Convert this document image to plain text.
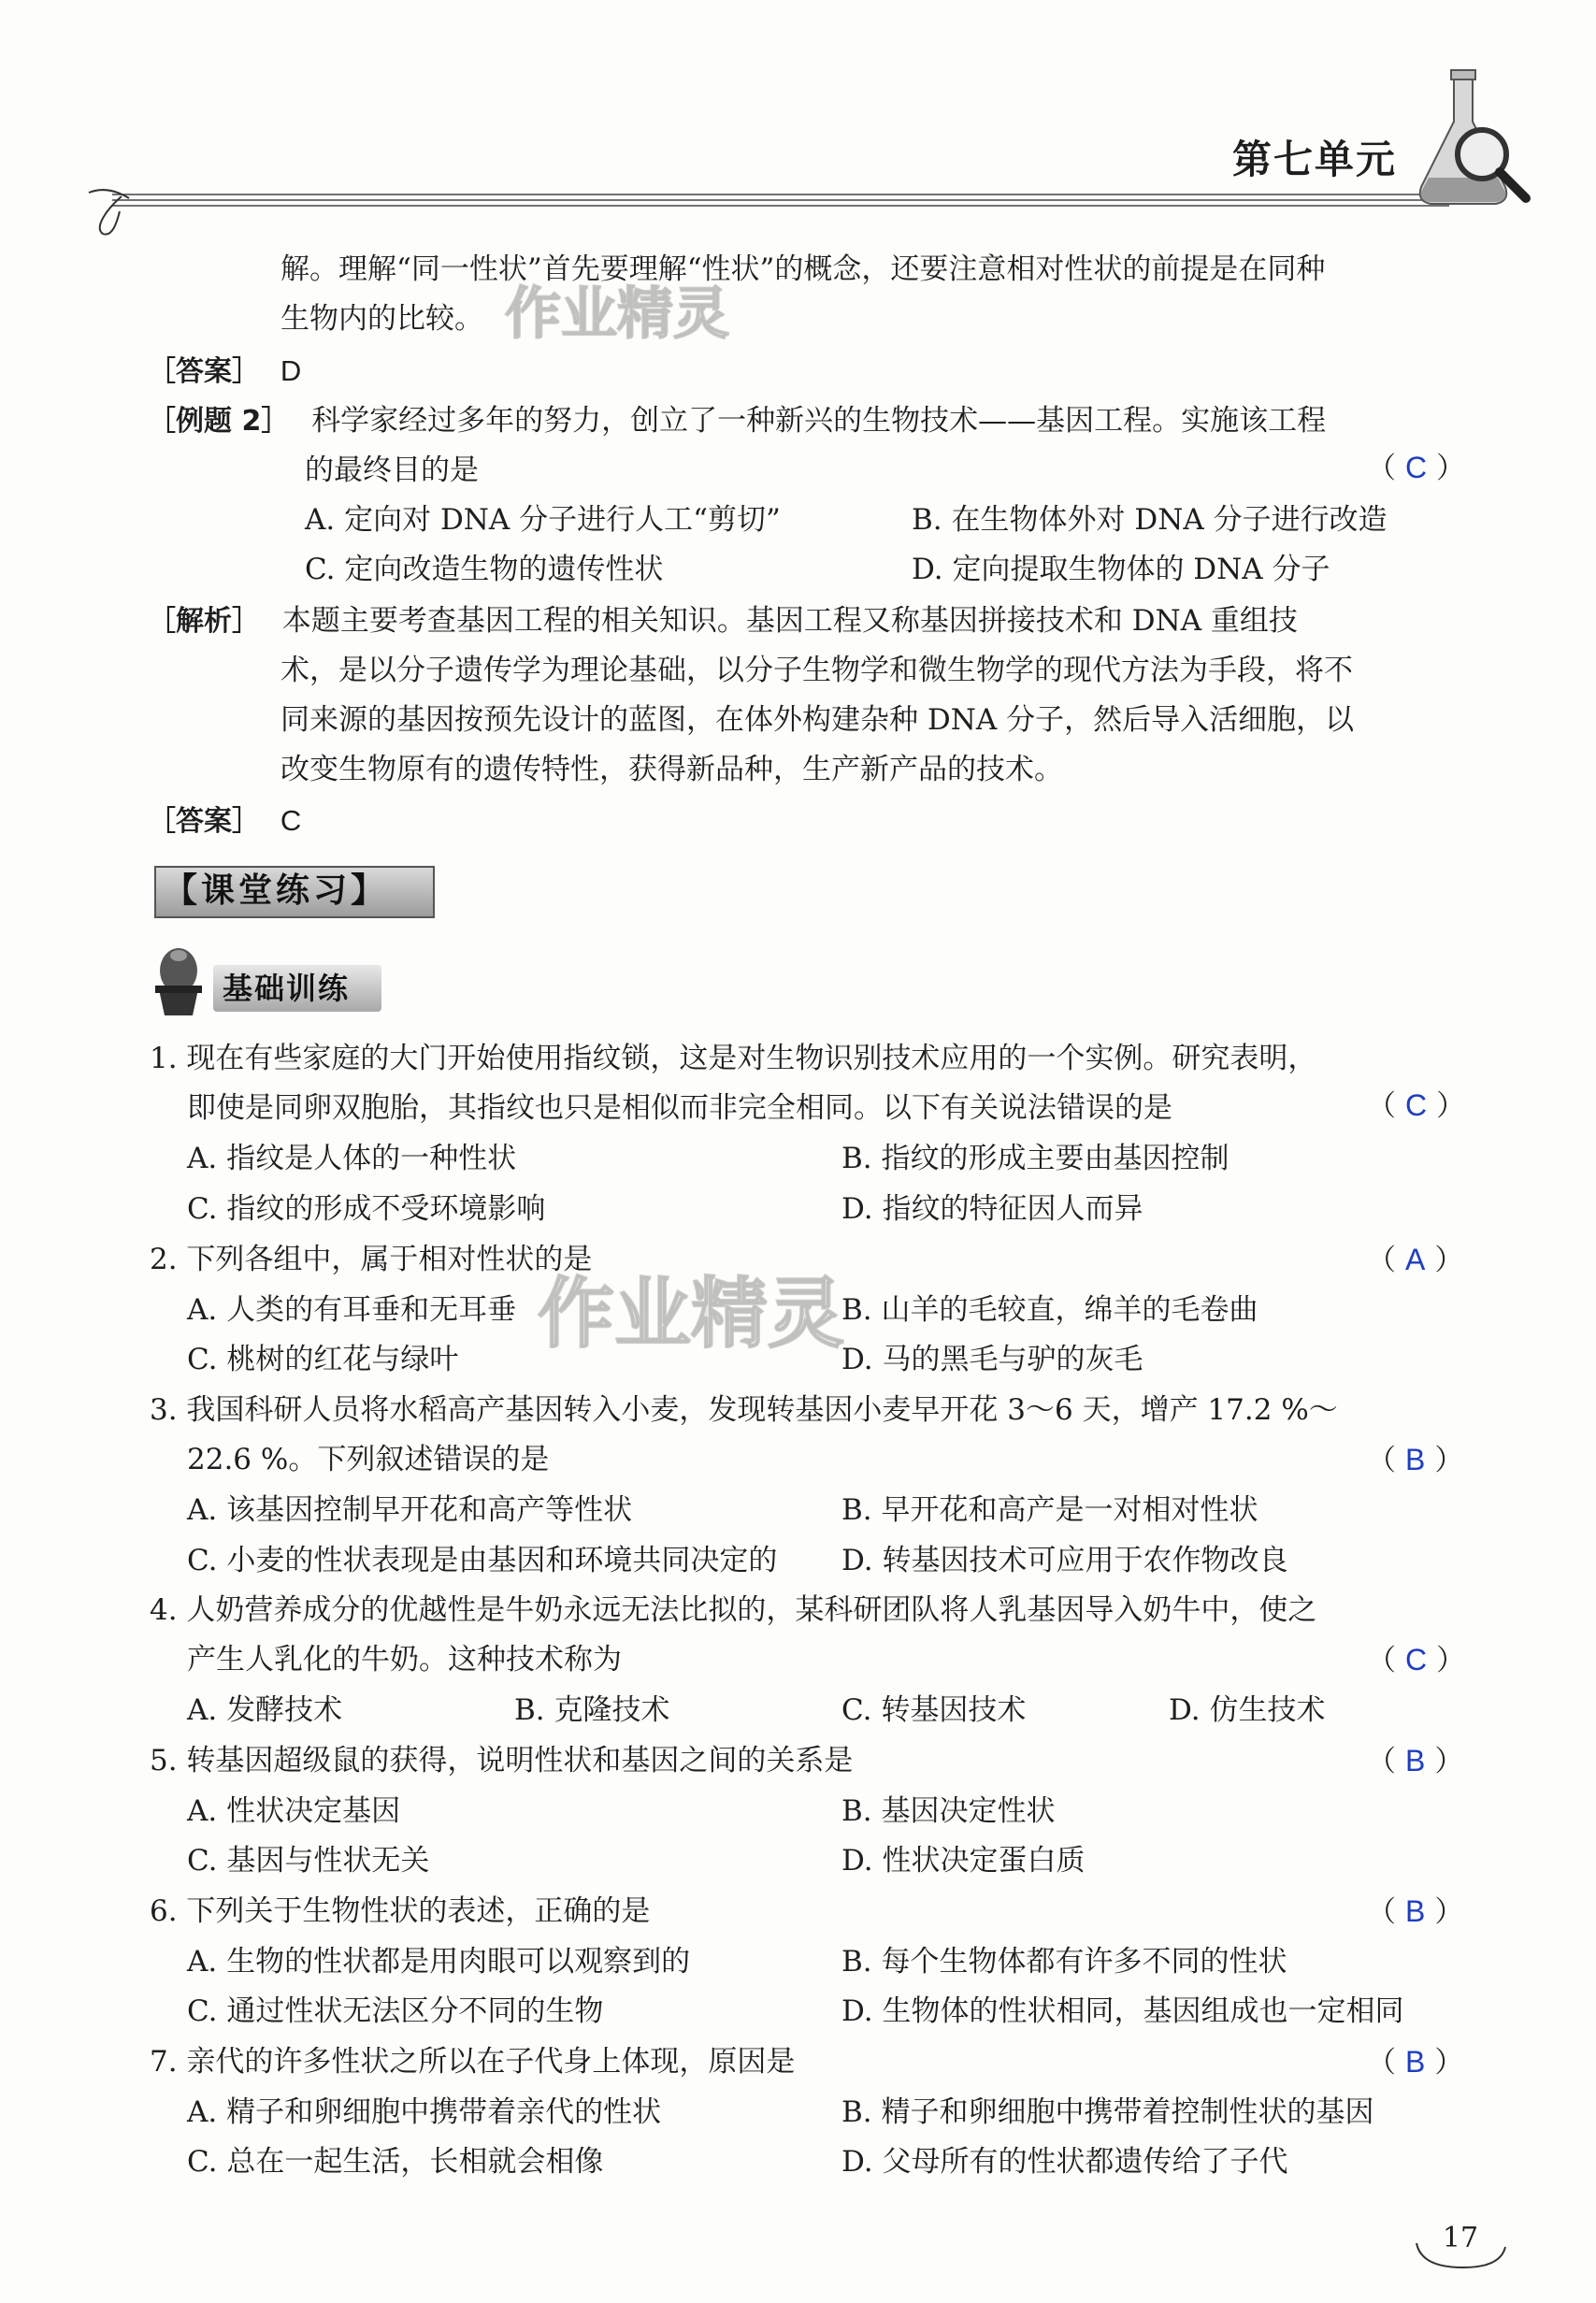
第七单元
解。理解“同一性状”首先要理解“性状”的概念，还要注意相对性状的前提是在同种
生物内的比较。
［答案］ D
［例题 2］ 科学家经过多年的努力，创立了一种新兴的生物技术——基因工程。实施该工程
的最终目的是	（ C ）
A. 定向对 DNA 分子进行人工“剪切”	B. 在生物体外对 DNA 分子进行改造
C. 定向改造生物的遗传性状	D. 定向提取生物体的 DNA 分子
［解析］ 本题主要考查基因工程的相关知识。基因工程又称基因拼接技术和 DNA 重组技
术，是以分子遗传学为理论基础，以分子生物学和微生物学的现代方法为手段，将不
同来源的基因按预先设计的蓝图，在体外构建杂种 DNA 分子，然后导入活细胞，以
改变生物原有的遗传特性，获得新品种，生产新产品的技术。
［答案］ C
【课堂练习】
基础训练
作业精灵
作业精灵
1. 现在有些家庭的大门开始使用指纹锁，这是对生物识别技术应用的一个实例。研究表明，
即使是同卵双胞胎，其指纹也只是相似而非完全相同。以下有关说法错误的是	（ C ）
A. 指纹是人体的一种性状	B. 指纹的形成主要由基因控制
C. 指纹的形成不受环境影响	D. 指纹的特征因人而异
2. 下列各组中，属于相对性状的是	（ A ）
A. 人类的有耳垂和无耳垂	B. 山羊的毛较直，绵羊的毛卷曲
C. 桃树的红花与绿叶	D. 马的黑毛与驴的灰毛
3. 我国科研人员将水稻高产基因转入小麦，发现转基因小麦早开花 3～6 天，增产 17.2 %～
22.6 %。下列叙述错误的是	（ B ）
A. 该基因控制早开花和高产等性状	B. 早开花和高产是一对相对性状
C. 小麦的性状表现是由基因和环境共同决定的 D. 转基因技术可应用于农作物改良
4. 人奶营养成分的优越性是牛奶永远无法比拟的，某科研团队将人乳基因导入奶牛中，使之
产生人乳化的牛奶。这种技术称为	（ C ）
A. 发酵技术	B. 克隆技术	C. 转基因技术	D. 仿生技术
5. 转基因超级鼠的获得，说明性状和基因之间的关系是	（ B ）
A. 性状决定基因	B. 基因决定性状
C. 基因与性状无关	D. 性状决定蛋白质
6. 下列关于生物性状的表述，正确的是	（ B ）
A. 生物的性状都是用肉眼可以观察到的	B. 每个生物体都有许多不同的性状
C. 通过性状无法区分不同的生物	D. 生物体的性状相同，基因组成也一定相同
7. 亲代的许多性状之所以在子代身上体现，原因是	（ B ）
A. 精子和卵细胞中携带着亲代的性状	B. 精子和卵细胞中携带着控制性状的基因
C. 总在一起生活，长相就会相像	D. 父母所有的性状都遗传给了子代
17
